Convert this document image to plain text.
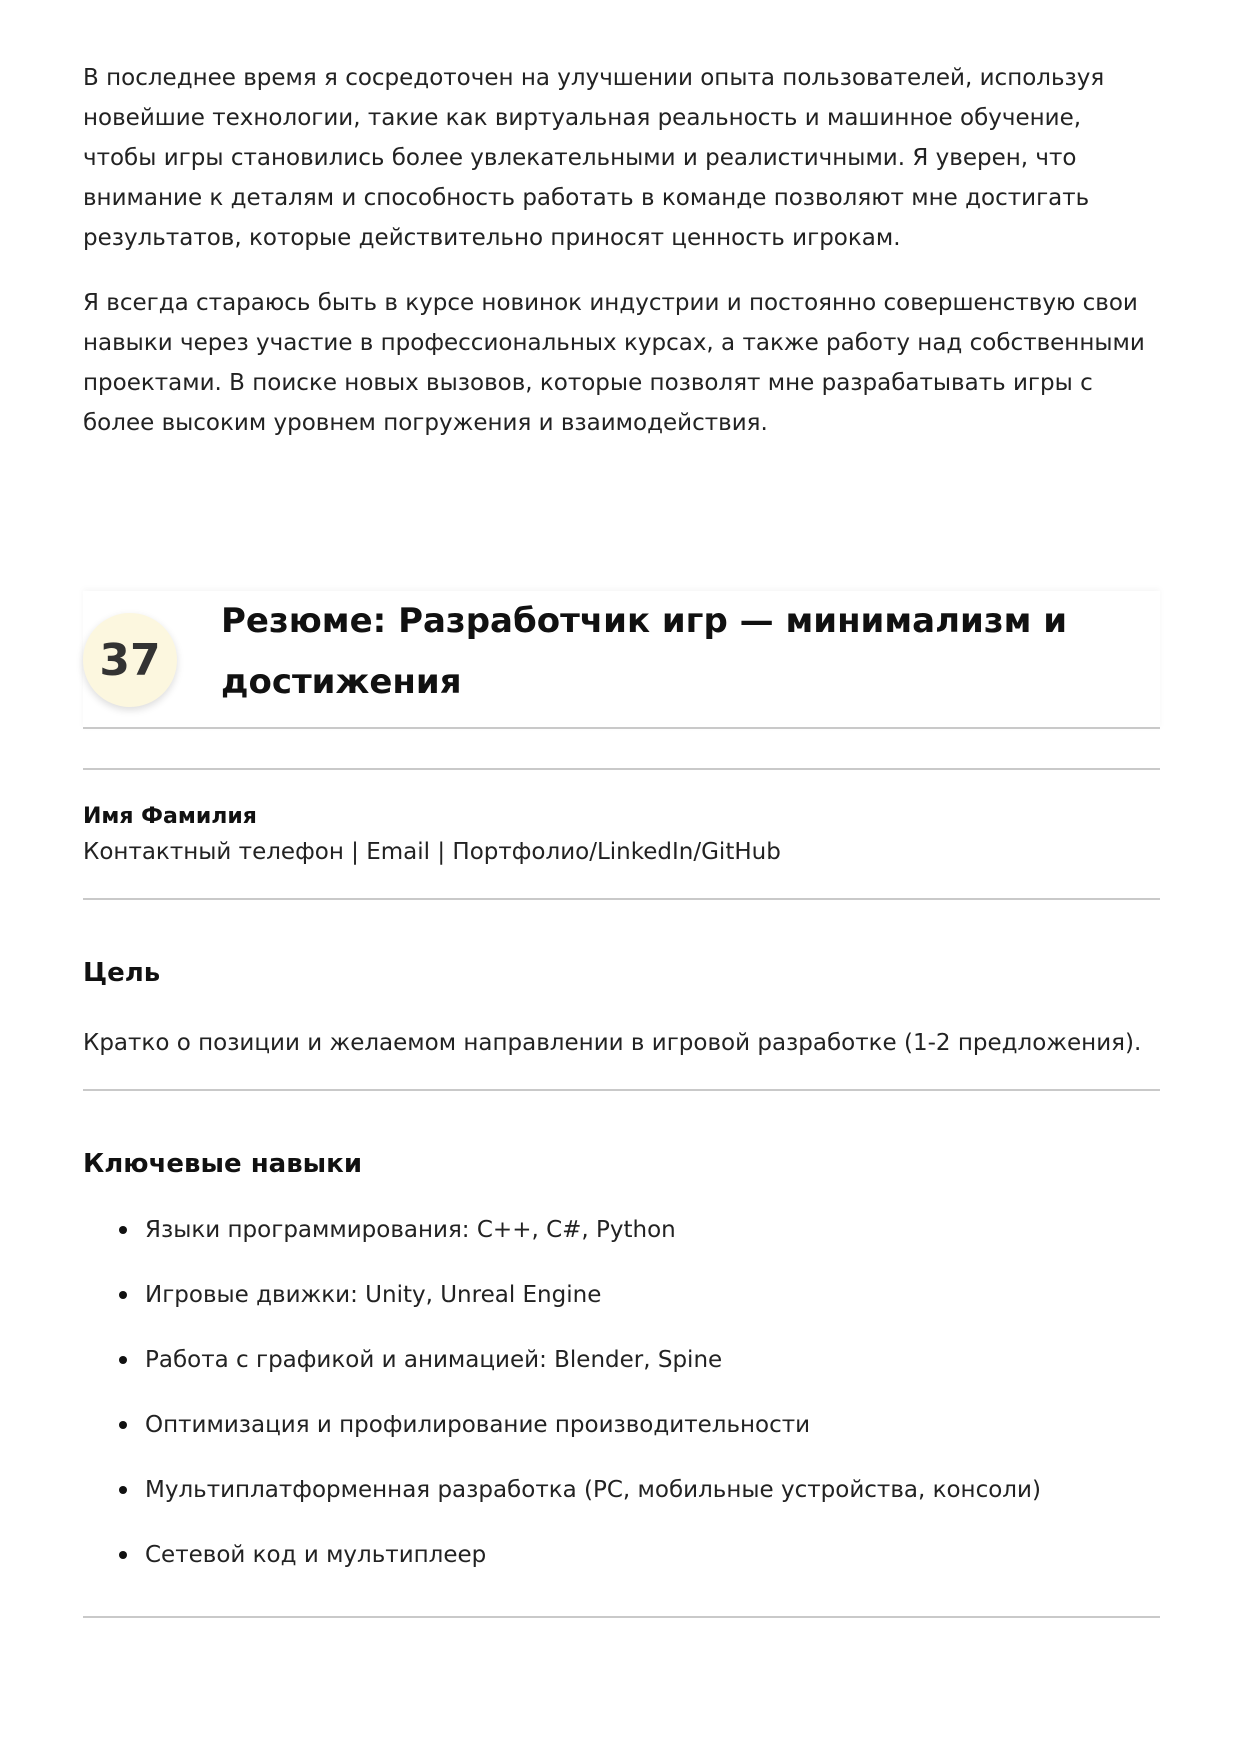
В последнее время я сосредоточен на улучшении опыта пользователей, используя новейшие технологии, такие как виртуальная реальность и машинное обучение, чтобы игры становились более увлекательными и реалистичными. Я уверен, что внимание к деталям и способность работать в команде позволяют мне достигать результатов, которые действительно приносят ценность игрокам.

Я всегда стараюсь быть в курсе новинок индустрии и постоянно совершенствую свои навыки через участие в профессиональных курсах, а также работу над собственными проектами. В поиске новых вызовов, которые позволят мне разрабатывать игры с более высоким уровнем погружения и взаимодействия.

37
Резюме: Разработчик игр — минимализм и достижения
Имя Фамилия
Контактный телефон | Email | Портфолио/LinkedIn/GitHub
Цель

Кратко о позиции и желаемом направлении в игровой разработке (1-2 предложения).

Ключевые навыки
Языки программирования: C++, C#, Python
Игровые движки: Unity, Unreal Engine
Работа с графикой и анимацией: Blender, Spine
Оптимизация и профилирование производительности
Мультиплатформенная разработка (PC, мобильные устройства, консоли)
Сетевой код и мультиплеер
